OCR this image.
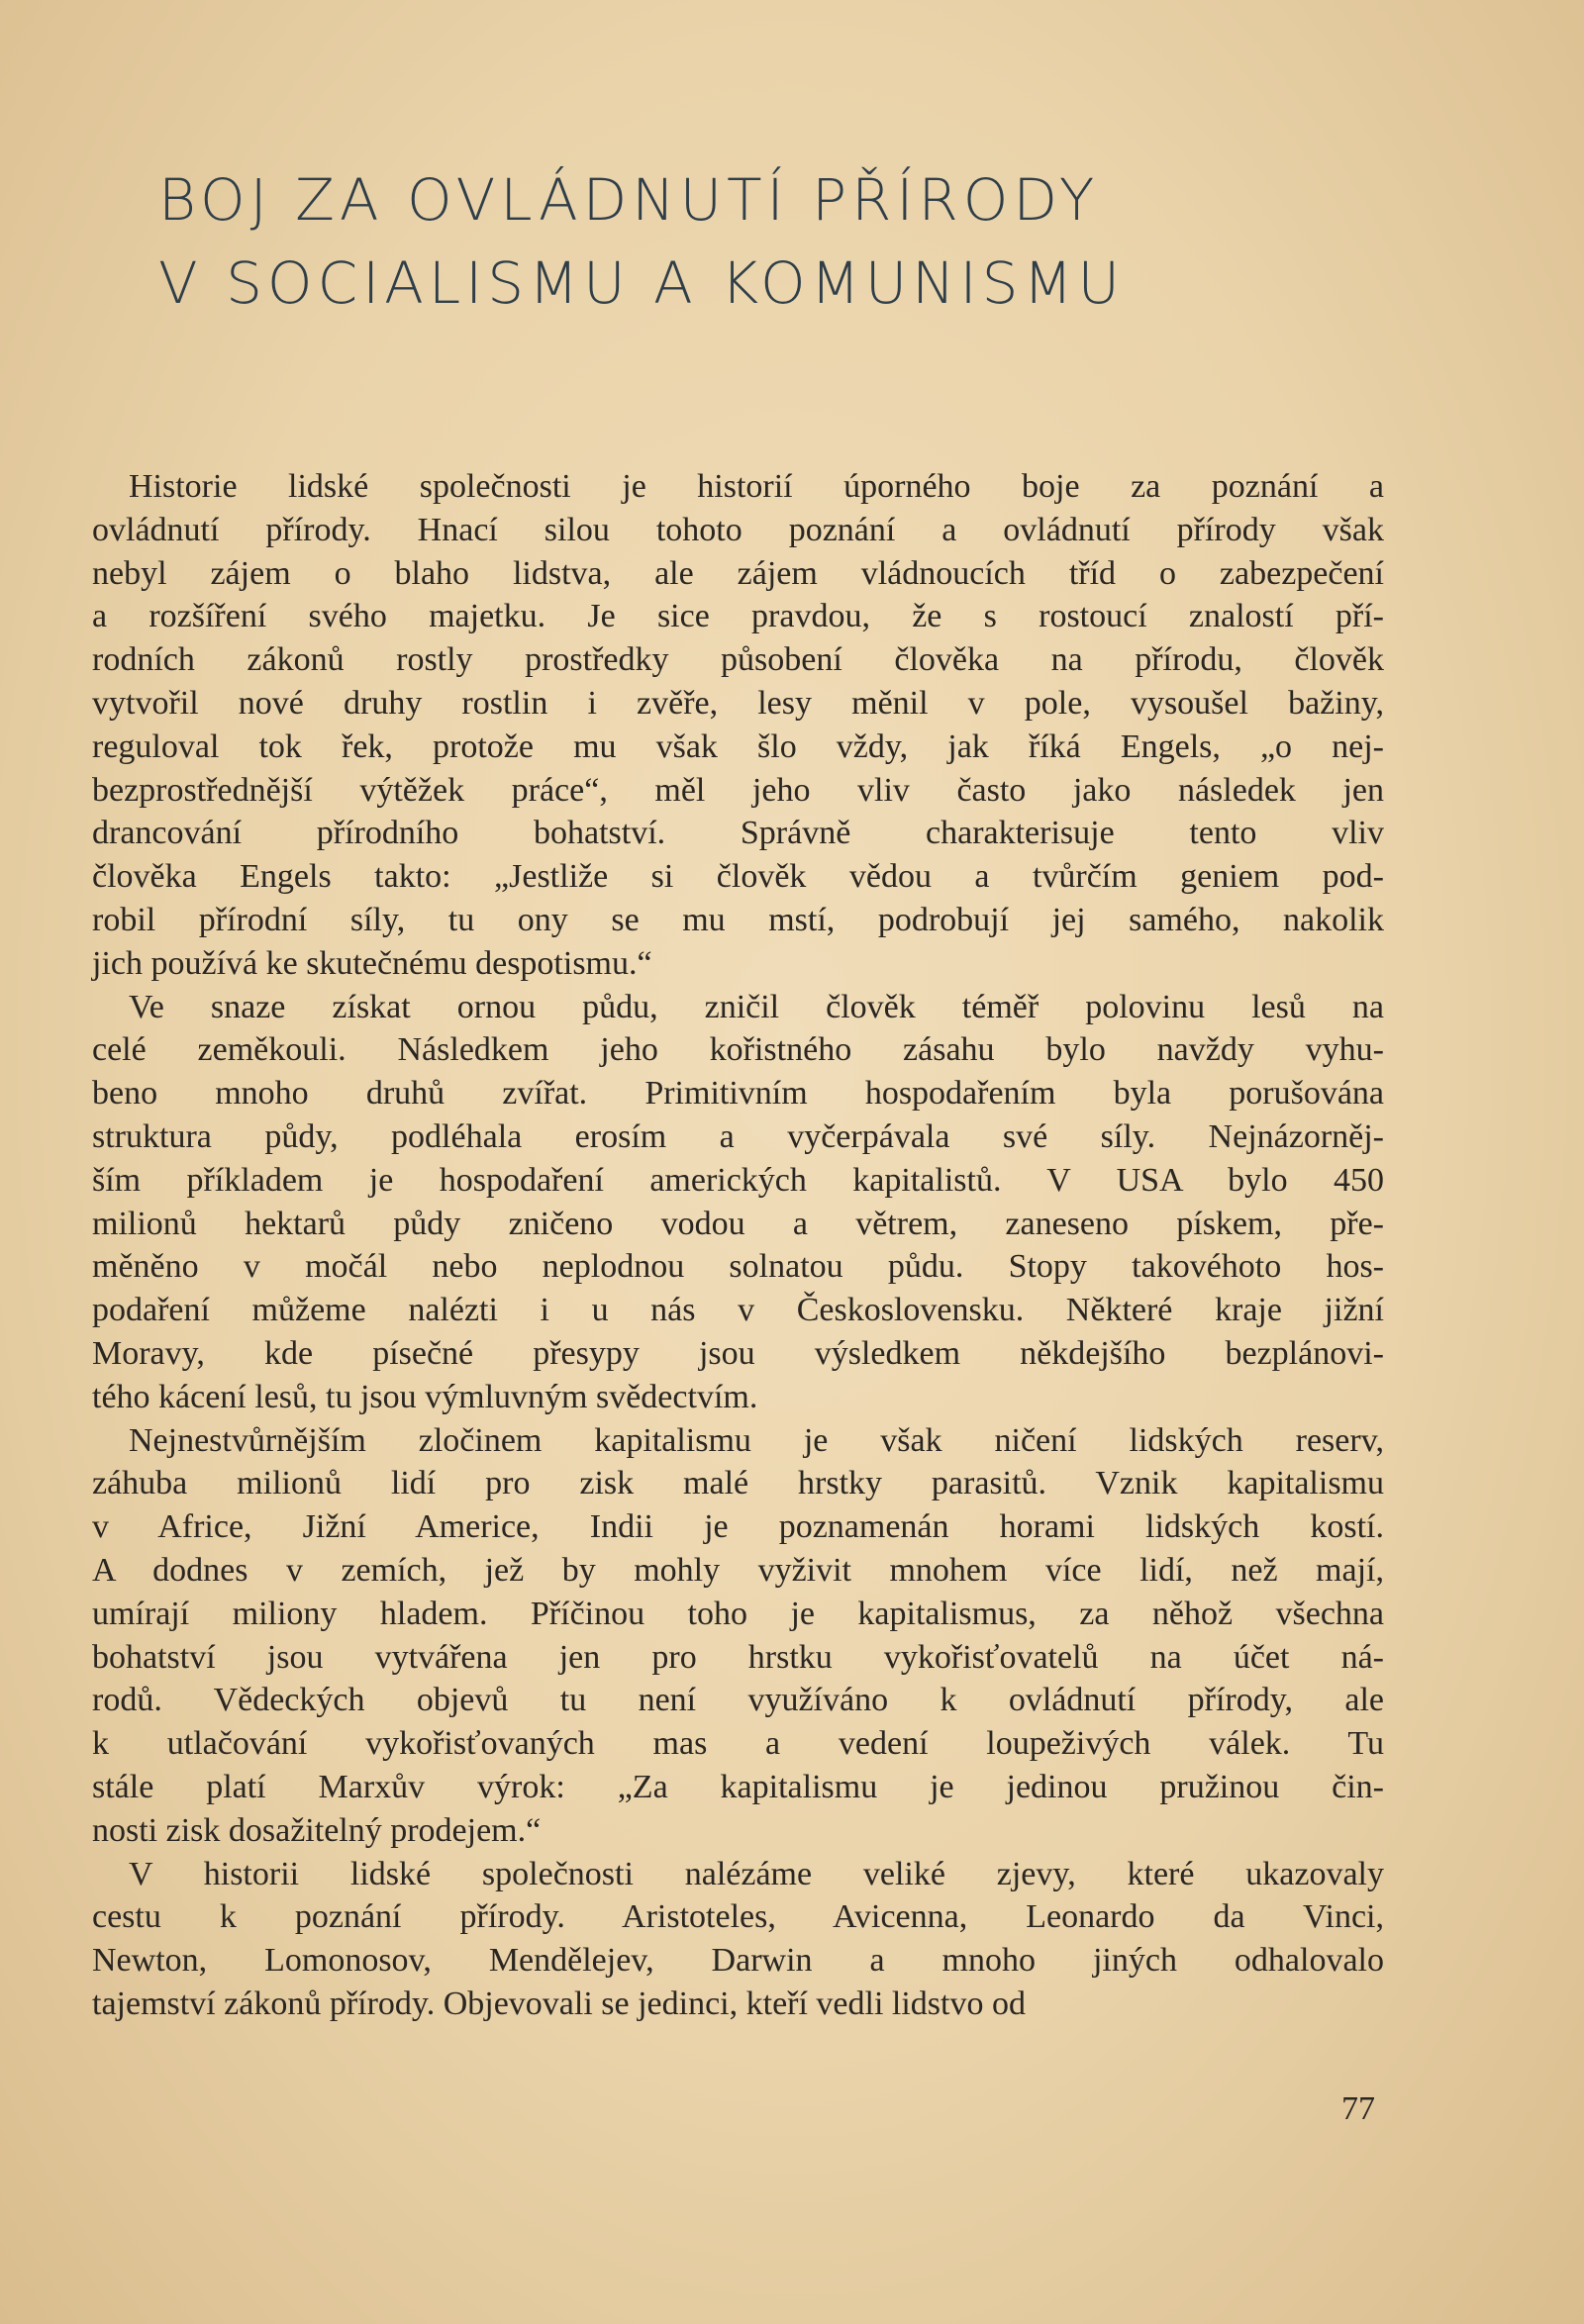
BOJ ZA OVLÁDNUTÍ PŘÍRODY
V SOCIALISMU A KOMUNISMU
Historie lidské společnosti je historií úporného boje za poznání a
ovládnutí přírody. Hnací silou tohoto poznání a ovládnutí přírody však
nebyl zájem o blaho lidstva, ale zájem vládnoucích tříd o zabezpečení
a rozšíření svého majetku. Je sice pravdou, že s rostoucí znalostí pří-
rodních zákonů rostly prostředky působení člověka na přírodu, člověk
vytvořil nové druhy rostlin i zvěře, lesy měnil v pole, vysoušel bažiny,
reguloval tok řek, protože mu však šlo vždy, jak říká Engels, „o nej-
bezprostřednější výtěžek práce“, měl jeho vliv často jako následek jen
drancování přírodního bohatství. Správně charakterisuje tento vliv
člověka Engels takto: „Jestliže si člověk vědou a tvůrčím geniem pod-
robil přírodní síly, tu ony se mu mstí, podrobují jej samého, nakolik
jich používá ke skutečnému despotismu.“
Ve snaze získat ornou půdu, zničil člověk téměř polovinu lesů na
celé zeměkouli. Následkem jeho kořistného zásahu bylo navždy vyhu-
beno mnoho druhů zvířat. Primitivním hospodařením byla porušována
struktura půdy, podléhala erosím a vyčerpávala své síly. Nejnázorněj-
ším příkladem je hospodaření amerických kapitalistů. V USA bylo 450
milionů hektarů půdy zničeno vodou a větrem, zaneseno pískem, pře-
měněno v močál nebo neplodnou solnatou půdu. Stopy takovéhoto hos-
podaření můžeme nalézti i u nás v Československu. Některé kraje jižní
Moravy, kde písečné přesypy jsou výsledkem někdejšího bezplánovi-
tého kácení lesů, tu jsou výmluvným svědectvím.
Nejnestvůrnějším zločinem kapitalismu je však ničení lidských reserv,
záhuba milionů lidí pro zisk malé hrstky parasitů. Vznik kapitalismu
v Africe, Jižní Americe, Indii je poznamenán horami lidských kostí.
A dodnes v zemích, jež by mohly vyživit mnohem více lidí, než mají,
umírají miliony hladem. Příčinou toho je kapitalismus, za něhož všechna
bohatství jsou vytvářena jen pro hrstku vykořisťovatelů na účet ná-
rodů. Vědeckých objevů tu není využíváno k ovládnutí přírody, ale
k utlačování vykořisťovaných mas a vedení loupeživých válek. Tu
stále platí Marxův výrok: „Za kapitalismu je jedinou pružinou čin-
nosti zisk dosažitelný prodejem.“
V historii lidské společnosti nalézáme veliké zjevy, které ukazovaly
cestu k poznání přírody. Aristoteles, Avicenna, Leonardo da Vinci,
Newton, Lomonosov, Mendělejev, Darwin a mnoho jiných odhalovalo
tajemství zákonů přírody. Objevovali se jedinci, kteří vedli lidstvo od
77
